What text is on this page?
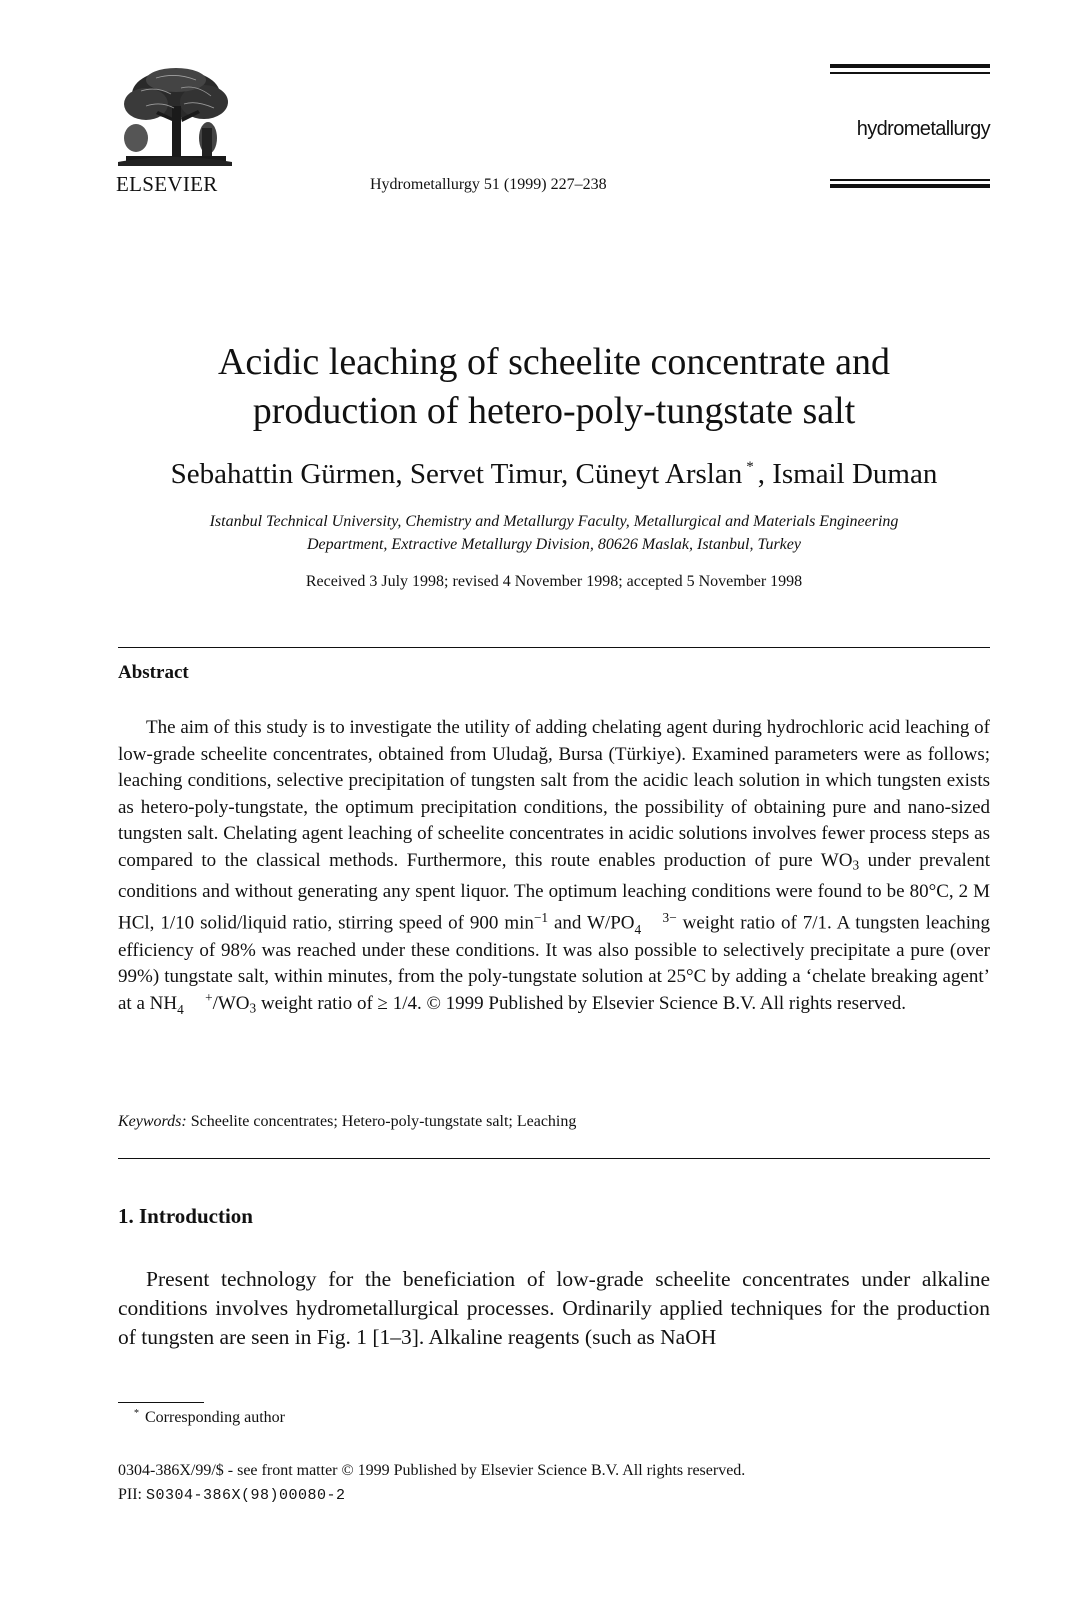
ELSEVIER	Hydrometallurgy 51 (1999) 227–238
hydrometallurgy
Acidic leaching of scheelite concentrate and
production of hetero-poly-tungstate salt
Sebahattin Gürmen, Servet Timur, Cüneyt Arslan * , Ismail Duman
Istanbul Technical University, Chemistry and Metallurgy Faculty, Metallurgical and Materials Engineering
Department, Extractive Metallurgy Division, 80626 Maslak, Istanbul, Turkey
Received 3 July 1998; revised 4 November 1998; accepted 5 November 1998
Abstract

The aim of this study is to investigate the utility of adding chelating agent during hydrochloric acid leaching of low-grade scheelite concentrates, obtained from Uludağ, Bursa (Türkiye). Examined parameters were as follows; leaching conditions, selective precipitation of tungsten salt from the acidic leach solution in which tungsten exists as hetero-poly-tungstate, the optimum precipitation conditions, the possibility of obtaining pure and nano-sized tungsten salt. Chelating agent leaching of scheelite concentrates in acidic solutions involves fewer process steps as compared to the classical methods. Furthermore, this route enables production of pure $WO_3$ under prevalent conditions and without generating any spent liquor. The optimum leaching conditions were found to be 80°C, 2 M HCl, 1/10 solid/liquid ratio, stirring speed of 900 $\min^{-1}$ and W/PO 3−
4 weight ratio of 7/1. A tungsten leaching efficiency of 98% was reached under these conditions. It was also possible to selectively precipitate a pure (over 99%) tungstate salt, within minutes, from the poly-tungstate solution at 25°C by adding a ‘chelate breaking agent’ at a NH +
4 $/WO_3$ weight ratio of ≥ 1/4. © 1999 Published by Elsevier Science B.V. All rights reserved.

Keywords: Scheelite concentrates; Hetero-poly-tungstate salt; Leaching
1. Introduction

Present technology for the beneficiation of low-grade scheelite concentrates under alkaline conditions involves hydrometallurgical processes. Ordinarily applied techniques for the production of tungsten are seen in Fig. 1 [1–3]. Alkaline reagents (such as NaOH

* Corresponding author
0304-386X/99/$ - see front matter © 1999 Published by Elsevier Science B.V. All rights reserved.
PII: S0304-386X(98)00080-2
